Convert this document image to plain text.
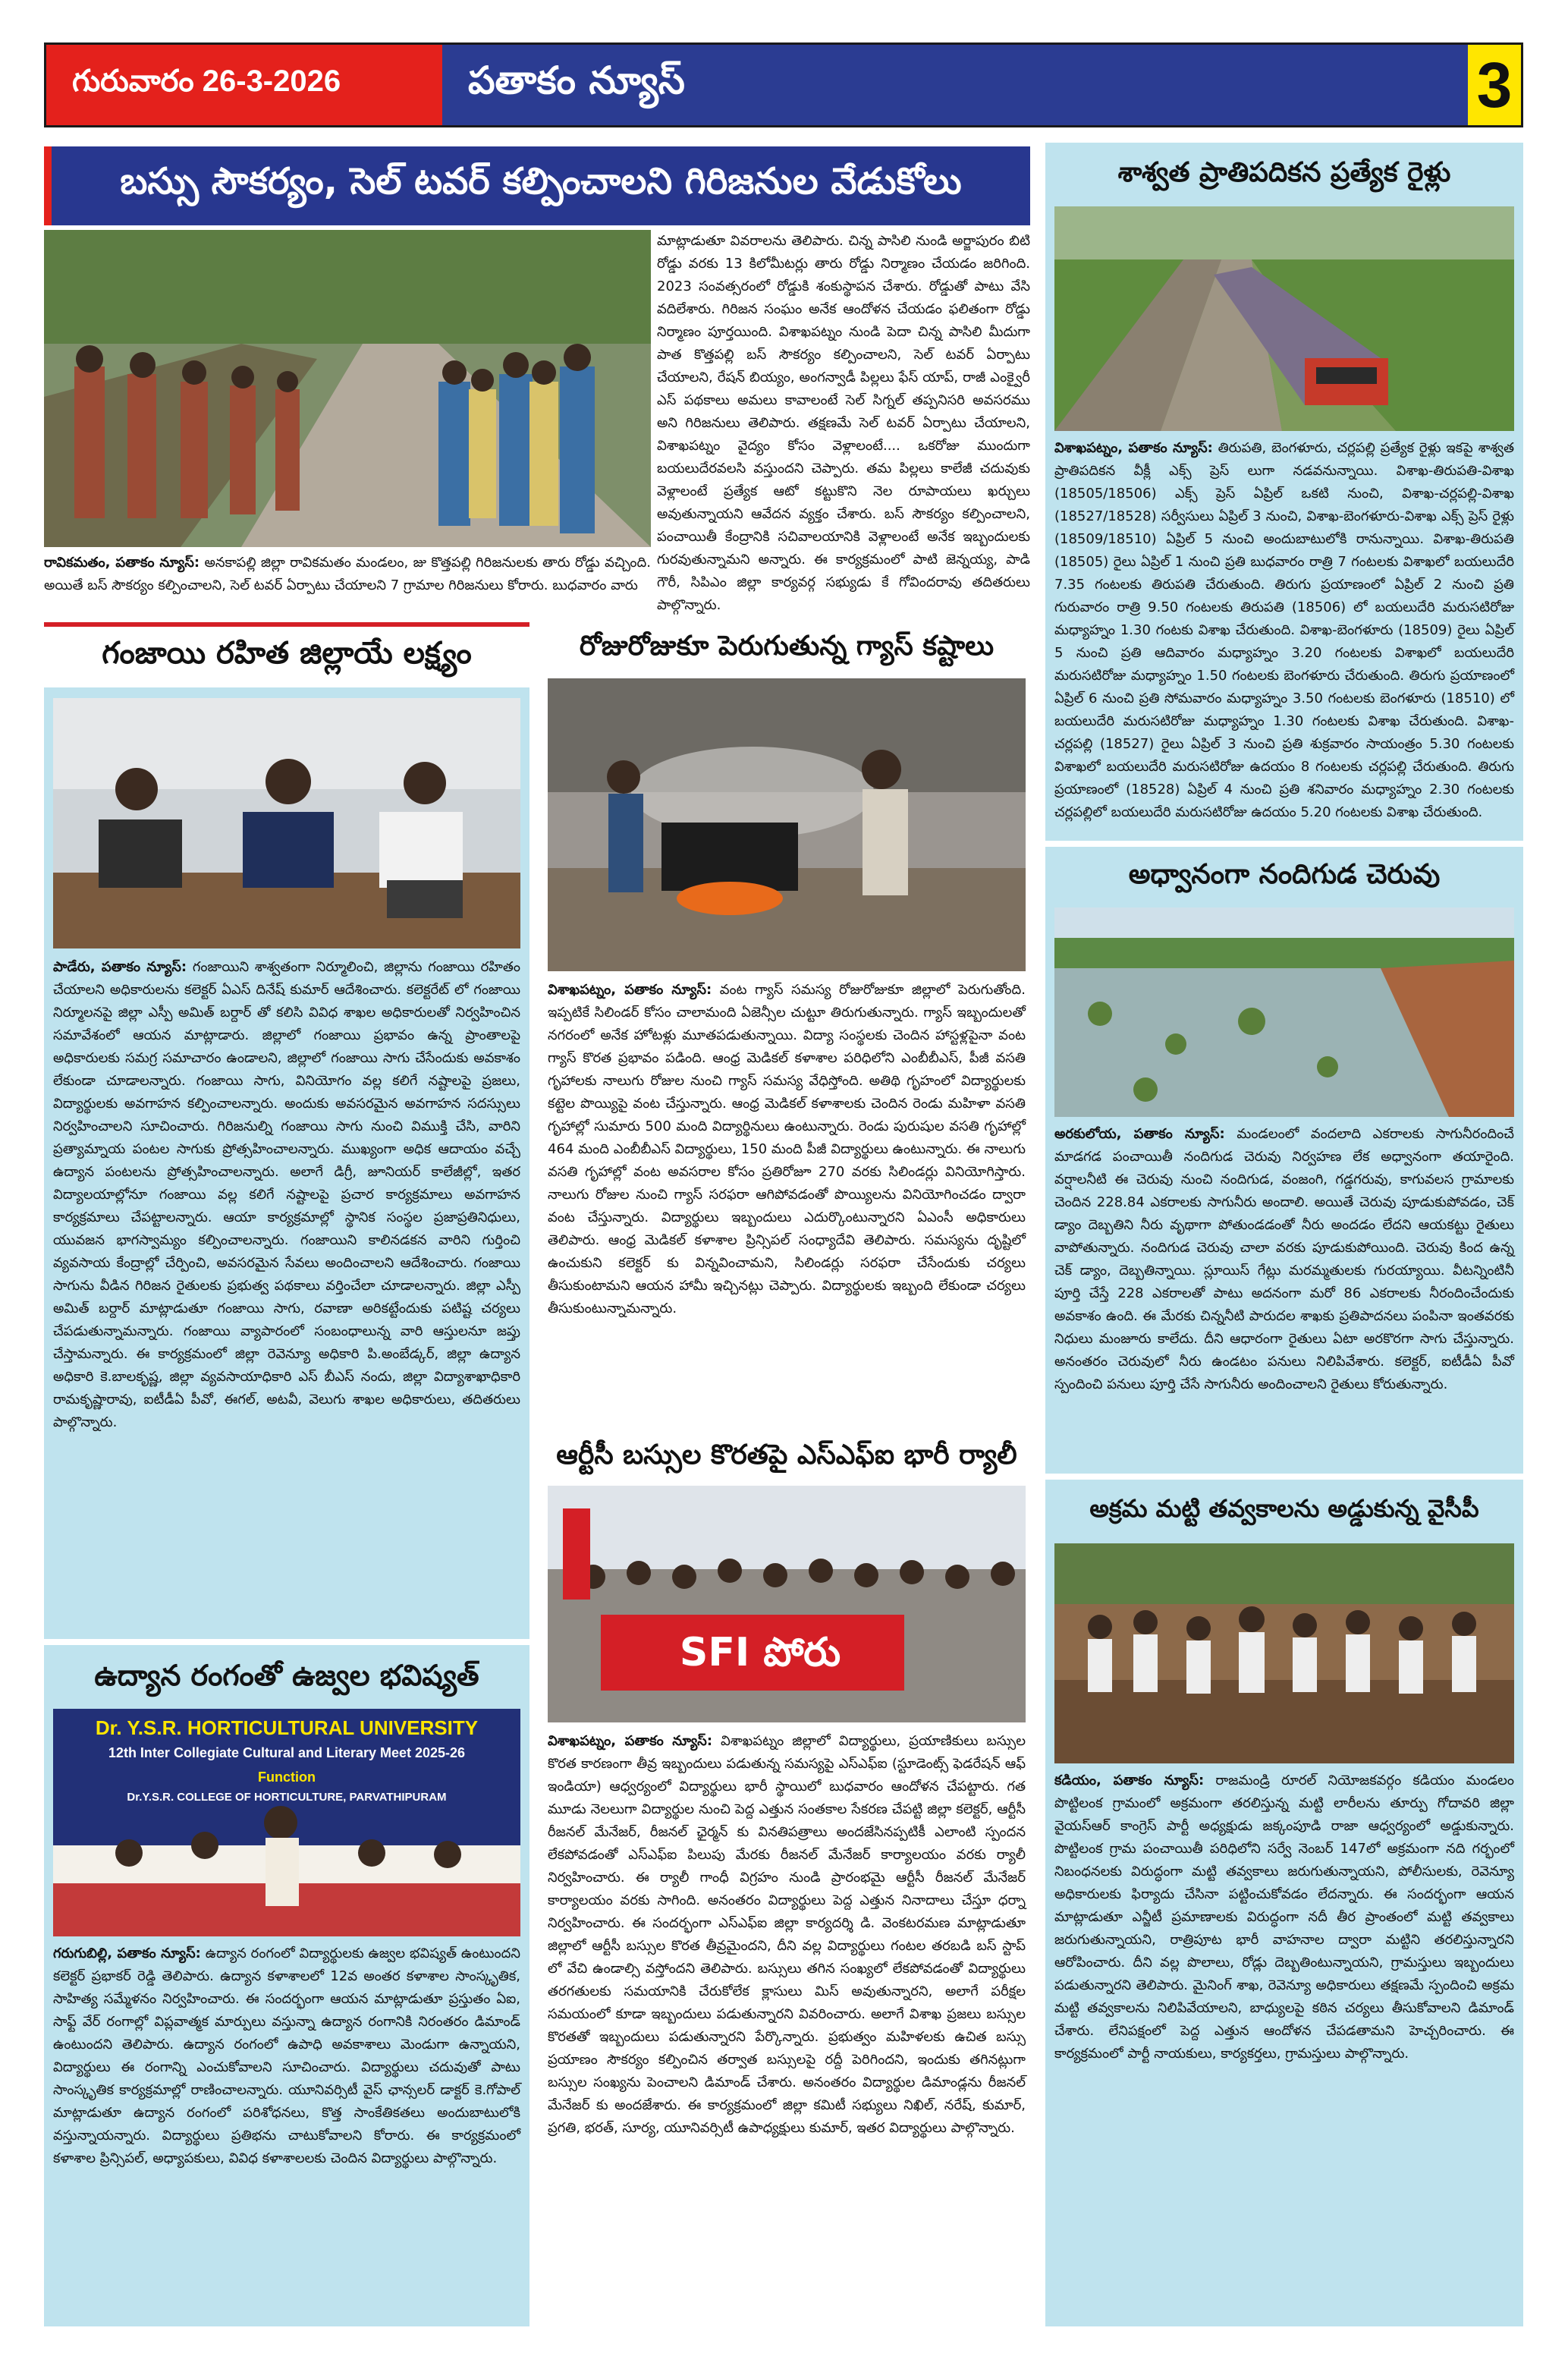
గురువారం 26-3-2026	పతాకం న్యూస్	3
బస్సు సౌకర్యం, సెల్ టవర్ కల్పించాలని గిరిజనుల వేడుకోలు
మాట్లాడుతూ వివరాలను తెలిపారు. చిన్న పాసిలి నుండి అర్జాపురం బిటి రోడ్డు వరకు 13 కిలోమీటర్లు తారు రోడ్డు నిర్మాణం చేయడం జరిగింది. 2023 సంవత్సరంలో రోడ్డుకి శంకుస్థాపన చేశారు. రోడ్డుతో పాటు వేసి వదిలేశారు. గిరిజన సంఘం అనేక ఆందోళన చేయడం ఫలితంగా రోడ్డు నిర్మాణం పూర్తయింది. విశాఖపట్నం నుండి పెదా చిన్న పాసిలి మీదుగా పాత కొత్తపల్లి బస్ సౌకర్యం కల్పించాలని, సెల్ టవర్ ఏర్పాటు చేయాలని, రేషన్ బియ్యం, అంగన్వాడీ పిల్లలు ఫేస్ యాప్, రాజీ ఎంక్వైరీ ఎస్ పథకాలు అమలు కావాలంటే సెల్ సిగ్నల్ తప్పనిసరి అవసరము అని గిరిజనులు తెలిపారు. తక్షణమే సెల్ టవర్ ఏర్పాటు చేయాలని, విశాఖపట్నం వైద్యం కోసం వెళ్లాలంటే.... ఒకరోజు ముందుగా బయలుదేరవలసి వస్తుందని చెప్పారు. తమ పిల్లలు కాలేజీ చదువుకు వెళ్లాలంటే ప్రత్యేక ఆటో కట్టుకొని నెల రూపాయలు ఖర్చులు అవుతున్నాయని ఆవేదన వ్యక్తం చేశారు. బస్ సౌకర్యం కల్పించాలని, పంచాయితీ కేంద్రానికి సచివాలయానికి వెళ్లాలంటే అనేక ఇబ్బందులకు గురవుతున్నామని అన్నారు. ఈ కార్యక్రమంలో పాటి జెన్నయ్య, పాడి గౌరీ, సిపిఎం జిల్లా కార్యవర్గ సభ్యుడు కే గోవిందరావు తదితరులు పాల్గొన్నారు.
రావికమతం, పతాకం న్యూస్: అనకాపల్లి జిల్లా రావికమతం మండలం, జు కొత్తపల్లి గిరిజనులకు తారు రోడ్డు వచ్చింది. అయితే బస్ సౌకర్యం కల్పించాలని, సెల్ టవర్ ఏర్పాటు చేయాలని 7 గ్రామాల గిరిజనులు కోరారు. బుధవారం వారు
గంజాయి రహిత జిల్లాయే లక్ష్యం
పాడేరు, పతాకం న్యూస్: గంజాయిని శాశ్వతంగా నిర్మూలించి, జిల్లాను గంజాయి రహితం చేయాలని అధికారులను కలెక్టర్ ఏఎస్ దినేష్ కుమార్ ఆదేశించారు. కలెక్టరేట్ లో గంజాయి నిర్మూలనపై జిల్లా ఎస్పీ అమిత్ బర్దార్ తో కలిసి వివిధ శాఖల అధికారులతో నిర్వహించిన సమావేశంలో ఆయన మాట్లాడారు. జిల్లాలో గంజాయి ప్రభావం ఉన్న ప్రాంతాలపై అధికారులకు సమగ్ర సమాచారం ఉండాలని, జిల్లాలో గంజాయి సాగు చేసేందుకు అవకాశం లేకుండా చూడాలన్నారు. గంజాయి సాగు, వినియోగం వల్ల కలిగే నష్టాలపై ప్రజలు, విద్యార్థులకు అవగాహన కల్పించాలన్నారు. అందుకు అవసరమైన అవగాహన సదస్సులు నిర్వహించాలని సూచించారు. గిరిజనుల్ని గంజాయి సాగు నుంచి విముక్తి చేసి, వారిని ప్రత్యామ్నాయ పంటల సాగుకు ప్రోత్సహించాలన్నారు. ముఖ్యంగా అధిక ఆదాయం వచ్చే ఉద్యాన పంటలను ప్రోత్సహించాలన్నారు. అలాగే డిగ్రీ, జూనియర్ కాలేజీల్లో, ఇతర విద్యాలయాల్లోనూ గంజాయి వల్ల కలిగే నష్టాలపై ప్రచార కార్యక్రమాలు అవగాహన కార్యక్రమాలు చేపట్టాలన్నారు. ఆయా కార్యక్రమాల్లో స్థానిక సంస్థల ప్రజాప్రతినిధులు, యువజన భాగస్వామ్యం కల్పించాలన్నారు. గంజాయిని కాలినడకన వారిని గుర్తించి వ్యవసాయ కేంద్రాల్లో చేర్పించి, అవసరమైన సేవలు అందించాలని ఆదేశించారు. గంజాయి సాగును వీడిన గిరిజన రైతులకు ప్రభుత్వ పథకాలు వర్తించేలా చూడాలన్నారు. జిల్లా ఎస్పీ అమిత్ బర్దార్ మాట్లాడుతూ గంజాయి సాగు, రవాణా అరికట్టేందుకు పటిష్ట చర్యలు చేపడుతున్నామన్నారు. గంజాయి వ్యాపారంలో సంబంధాలున్న వారి ఆస్తులనూ జప్తు చేస్తామన్నారు. ఈ కార్యక్రమంలో జిల్లా రెవెన్యూ అధికారి పి.అంబేడ్కర్, జిల్లా ఉద్యాన అధికారి కె.బాలకృష్ణ, జిల్లా వ్యవసాయాధికారి ఎస్ బీఎస్ నందు, జిల్లా విద్యాశాఖాధికారి రామకృష్ణారావు, ఐటీడీఏ పీవో, ఈగల్, అటవీ, వెలుగు శాఖల అధికారులు, తదితరులు పాల్గొన్నారు.
రోజురోజుకూ పెరుగుతున్న గ్యాస్ కష్టాలు
విశాఖపట్నం, పతాకం న్యూస్: వంట గ్యాస్ సమస్య రోజురోజుకూ జిల్లాలో పెరుగుతోంది. ఇప్పటికే సిలిండర్ కోసం చాలామంది ఏజెన్సీల చుట్టూ తిరుగుతున్నారు. గ్యాస్ ఇబ్బందులతో నగరంలో అనేక హోటళ్లు మూతపడుతున్నాయి. విద్యా సంస్థలకు చెందిన హాస్టళ్లపైనా వంట గ్యాస్ కొరత ప్రభావం పడింది. ఆంధ్ర మెడికల్ కళాశాల పరిధిలోని ఎంబీబీఎస్, పీజీ వసతి గృహాలకు నాలుగు రోజుల నుంచి గ్యాస్ సమస్య వేధిస్తోంది. అతిథి గృహంలో విద్యార్థులకు కట్టెల పొయ్యిపై వంట చేస్తున్నారు. ఆంధ్ర మెడికల్ కళాశాలకు చెందిన రెండు మహిళా వసతి గృహాల్లో సుమారు 500 మంది విద్యార్థినులు ఉంటున్నారు. రెండు పురుషుల వసతి గృహాల్లో 464 మంది ఎంబీబీఎస్ విద్యార్థులు, 150 మంది పీజీ విద్యార్థులు ఉంటున్నారు. ఈ నాలుగు వసతి గృహాల్లో వంట అవసరాల కోసం ప్రతిరోజూ 270 వరకు సిలిండర్లు వినియోగిస్తారు. నాలుగు రోజుల నుంచి గ్యాస్ సరఫరా ఆగిపోవడంతో పొయ్యిలను వినియోగించడం ద్వారా వంట చేస్తున్నారు. విద్యార్థులు ఇబ్బందులు ఎదుర్కొంటున్నారని ఏఎంసీ అధికారులు తెలిపారు. ఆంధ్ర మెడికల్ కళాశాల ప్రిన్సిపల్ సంధ్యాదేవి తెలిపారు. సమస్యను దృష్టిలో ఉంచుకుని కలెక్టర్ కు విన్నవించామని, సిలిండర్లు సరఫరా చేసేందుకు చర్యలు తీసుకుంటామని ఆయన హామీ ఇచ్చినట్లు చెప్పారు. విద్యార్థులకు ఇబ్బంది లేకుండా చర్యలు తీసుకుంటున్నామన్నారు.
ఆర్టీసీ బస్సుల కొరతపై ఎస్ఎఫ్ఐ భారీ ర్యాలీ
SFI పోరు
విశాఖపట్నం, పతాకం న్యూస్: విశాఖపట్నం జిల్లాలో విద్యార్థులు, ప్రయాణికులు బస్సుల కొరత కారణంగా తీవ్ర ఇబ్బందులు పడుతున్న సమస్యపై ఎస్ఎఫ్ఐ (స్టూడెంట్స్ ఫెడరేషన్ ఆఫ్ ఇండియా) ఆధ్వర్యంలో విద్యార్థులు భారీ స్థాయిలో బుధవారం ఆందోళన చేపట్టారు. గత మూడు నెలలుగా విద్యార్థుల నుంచి పెద్ద ఎత్తున సంతకాల సేకరణ చేపట్టి జిల్లా కలెక్టర్, ఆర్టీసీ రీజనల్ మేనేజర్, రీజనల్ ఛైర్మన్ కు వినతిపత్రాలు అందజేసినప్పటికీ ఎలాంటి స్పందన లేకపోవడంతో ఎస్ఎఫ్ఐ పిలుపు మేరకు రీజనల్ మేనేజర్ కార్యాలయం వరకు ర్యాలీ నిర్వహించారు. ఈ ర్యాలీ గాంధీ విగ్రహం నుండి ప్రారంభమై ఆర్టీసీ రీజనల్ మేనేజర్ కార్యాలయం వరకు సాగింది. అనంతరం విద్యార్థులు పెద్ద ఎత్తున నినాదాలు చేస్తూ ధర్నా నిర్వహించారు. ఈ సందర్భంగా ఎస్ఎఫ్ఐ జిల్లా కార్యదర్శి డి. వెంకటరమణ మాట్లాడుతూ జిల్లాలో ఆర్టీసీ బస్సుల కొరత తీవ్రమైందని, దీని వల్ల విద్యార్థులు గంటల తరబడి బస్ స్టాప్ లో వేచి ఉండాల్సి వస్తోందని తెలిపారు. బస్సులు తగిన సంఖ్యలో లేకపోవడంతో విద్యార్థులు తరగతులకు సమయానికి చేరుకోలేక క్లాసులు మిస్ అవుతున్నారని, అలాగే పరీక్షల సమయంలో కూడా ఇబ్బందులు పడుతున్నారని వివరించారు. అలాగే విశాఖ ప్రజలు బస్సుల కొరతతో ఇబ్బందులు పడుతున్నారని పేర్కొన్నారు. ప్రభుత్వం మహిళలకు ఉచిత బస్సు ప్రయాణం సౌకర్యం కల్పించిన తర్వాత బస్సులపై రద్దీ పెరిగిందని, ఇందుకు తగినట్లుగా బస్సుల సంఖ్యను పెంచాలని డిమాండ్ చేశారు. అనంతరం విద్యార్థుల డిమాండ్లను రీజనల్ మేనేజర్ కు అందజేశారు. ఈ కార్యక్రమంలో జిల్లా కమిటీ సభ్యులు నిఖిల్, నరేష్, కుమార్, ప్రగతి, భరత్, సూర్య, యూనివర్సిటీ ఉపాధ్యక్షులు కుమార్, ఇతర విద్యార్థులు పాల్గొన్నారు.
ఉద్యాన రంగంతో ఉజ్వల భవిష్యత్
Dr. Y.S.R. HORTICULTURAL UNIVERSITY
12th Inter Collegiate Cultural and Literary Meet 2025-26
Function
Dr.Y.S.R. COLLEGE OF HORTICULTURE, PARVATHIPURAM
గరుగుబిల్లి, పతాకం న్యూస్: ఉద్యాన రంగంలో విద్యార్థులకు ఉజ్వల భవిష్యత్ ఉంటుందని కలెక్టర్ ప్రభాకర్ రెడ్డి తెలిపారు. ఉద్యాన కళాశాలలో 12వ అంతర కళాశాల సాంస్కృతిక, సాహిత్య సమ్మేళనం నిర్వహించారు. ఈ సందర్భంగా ఆయన మాట్లాడుతూ ప్రస్తుతం ఏఐ, సాఫ్ట్ వేర్ రంగాల్లో విప్లవాత్మక మార్పులు వస్తున్నా ఉద్యాన రంగానికి నిరంతరం డిమాండ్ ఉంటుందని తెలిపారు. ఉద్యాన రంగంలో ఉపాధి అవకాశాలు మెండుగా ఉన్నాయని, విద్యార్థులు ఈ రంగాన్ని ఎంచుకోవాలని సూచించారు. విద్యార్థులు చదువుతో పాటు సాంస్కృతిక కార్యక్రమాల్లో రాణించాలన్నారు. యూనివర్సిటీ వైస్ ఛాన్సలర్ డాక్టర్ కె.గోపాల్ మాట్లాడుతూ ఉద్యాన రంగంలో పరిశోధనలు, కొత్త సాంకేతికతలు అందుబాటులోకి వస్తున్నాయన్నారు. విద్యార్థులు ప్రతిభను చాటుకోవాలని కోరారు. ఈ కార్యక్రమంలో కళాశాల ప్రిన్సిపల్, అధ్యాపకులు, వివిధ కళాశాలలకు చెందిన విద్యార్థులు పాల్గొన్నారు.
శాశ్వత ప్రాతిపదికన ప్రత్యేక రైళ్లు
విశాఖపట్నం, పతాకం న్యూస్: తిరుపతి, బెంగళూరు, చర్లపల్లి ప్రత్యేక రైళ్లు ఇకపై శాశ్వత ప్రాతిపదికన వీక్లీ ఎక్స్ ప్రెస్ లుగా నడవనున్నాయి. విశాఖ-తిరుపతి-విశాఖ (18505/18506) ఎక్స్ ప్రెస్ ఏప్రిల్ ఒకటి నుంచి, విశాఖ-చర్లపల్లి-విశాఖ (18527/18528) సర్వీసులు ఏప్రిల్ 3 నుంచి, విశాఖ-బెంగళూరు-విశాఖ ఎక్స్ ప్రెస్ రైళ్లు (18509/18510) ఏప్రిల్ 5 నుంచి అందుబాటులోకి రానున్నాయి. విశాఖ-తిరుపతి (18505) రైలు ఏప్రిల్ 1 నుంచి ప్రతి బుధవారం రాత్రి 7 గంటలకు విశాఖలో బయలుదేరి 7.35 గంటలకు తిరుపతి చేరుతుంది. తిరుగు ప్రయాణంలో ఏప్రిల్ 2 నుంచి ప్రతి గురువారం రాత్రి 9.50 గంటలకు తిరుపతి (18506) లో బయలుదేరి మరుసటిరోజు మధ్యాహ్నం 1.30 గంటకు విశాఖ చేరుతుంది. విశాఖ-బెంగళూరు (18509) రైలు ఏప్రిల్ 5 నుంచి ప్రతి ఆదివారం మధ్యాహ్నం 3.20 గంటలకు విశాఖలో బయలుదేరి మరుసటిరోజు మధ్యాహ్నం 1.50 గంటలకు బెంగళూరు చేరుతుంది. తిరుగు ప్రయాణంలో ఏప్రిల్ 6 నుంచి ప్రతి సోమవారం మధ్యాహ్నం 3.50 గంటలకు బెంగళూరు (18510) లో బయలుదేరి మరుసటిరోజు మధ్యాహ్నం 1.30 గంటలకు విశాఖ చేరుతుంది. విశాఖ-చర్లపల్లి (18527) రైలు ఏప్రిల్ 3 నుంచి ప్రతి శుక్రవారం సాయంత్రం 5.30 గంటలకు విశాఖలో బయలుదేరి మరుసటిరోజు ఉదయం 8 గంటలకు చర్లపల్లి చేరుతుంది. తిరుగు ప్రయాణంలో (18528) ఏప్రిల్ 4 నుంచి ప్రతి శనివారం మధ్యాహ్నం 2.30 గంటలకు చర్లపల్లిలో బయలుదేరి మరుసటిరోజు ఉదయం 5.20 గంటలకు విశాఖ చేరుతుంది.
అధ్వానంగా నందిగుడ చెరువు
అరకులోయ, పతాకం న్యూస్: మండలంలో వందలాది ఎకరాలకు సాగునీరందించే మాడగడ పంచాయితీ నందిగుడ చెరువు నిర్వహణ లేక అధ్వానంగా తయారైంది. వర్షాలనీటి ఈ చెరువు నుంచి నందిగుడ, వంజంగి, గడ్డగరువు, కాగువలస గ్రామాలకు చెందిన 228.84 ఎకరాలకు సాగునీరు అందాలి. అయితే చెరువు పూడుకుపోవడం, చెక్ డ్యాం దెబ్బతిని నీరు వృథాగా పోతుండడంతో నీరు అందడం లేదని ఆయకట్టు రైతులు వాపోతున్నారు. నందిగుడ చెరువు చాలా వరకు పూడుకుపోయింది. చెరువు కింద ఉన్న చెక్ డ్యాం, దెబ్బతిన్నాయి. స్లూయిస్ గేట్లు మరమ్మతులకు గురయ్యాయి. వీటన్నింటినీ పూర్తి చేస్తే 228 ఎకరాలతో పాటు అదనంగా మరో 86 ఎకరాలకు నీరందించేందుకు అవకాశం ఉంది. ఈ మేరకు చిన్ననీటి పారుదల శాఖకు ప్రతిపాదనలు పంపినా ఇంతవరకు నిధులు మంజూరు కాలేదు. దీని ఆధారంగా రైతులు ఏటా అరకొరగా సాగు చేస్తున్నారు. అనంతరం చెరువులో నీరు ఉండటం పనులు నిలిపివేశారు. కలెక్టర్, ఐటీడీఏ పీవో స్పందించి పనులు పూర్తి చేసే సాగునీరు అందించాలని రైతులు కోరుతున్నారు.
అక్రమ మట్టి తవ్వకాలను అడ్డుకున్న వైసీపీ
కడియం, పతాకం న్యూస్: రాజమండ్రి రూరల్ నియోజకవర్గం కడియం మండలం పొట్టిలంక గ్రామంలో అక్రమంగా తరలిస్తున్న మట్టి లారీలను తూర్పు గోదావరి జిల్లా వైయస్ఆర్ కాంగ్రెస్ పార్టీ అధ్యక్షుడు జక్కంపూడి రాజా ఆధ్వర్యంలో అడ్డుకున్నారు. పొట్టిలంక గ్రామ పంచాయితీ పరిధిలోని సర్వే నెంబర్ 147లో అక్రమంగా నది గర్భంలో నిబంధనలకు విరుద్ధంగా మట్టి తవ్వకాలు జరుగుతున్నాయని, పోలీసులకు, రెవెన్యూ అధికారులకు ఫిర్యాదు చేసినా పట్టించుకోవడం లేదన్నారు. ఈ సందర్భంగా ఆయన మాట్లాడుతూ ఎన్జీటీ ప్రమాణాలకు విరుద్ధంగా నదీ తీర ప్రాంతంలో మట్టి తవ్వకాలు జరుగుతున్నాయని, రాత్రిపూట భారీ వాహనాల ద్వారా మట్టిని తరలిస్తున్నారని ఆరోపించారు. దీని వల్ల పొలాలు, రోడ్లు దెబ్బతింటున్నాయని, గ్రామస్తులు ఇబ్బందులు పడుతున్నారని తెలిపారు. మైనింగ్ శాఖ, రెవెన్యూ అధికారులు తక్షణమే స్పందించి అక్రమ మట్టి తవ్వకాలను నిలిపివేయాలని, బాధ్యులపై కఠిన చర్యలు తీసుకోవాలని డిమాండ్ చేశారు. లేనిపక్షంలో పెద్ద ఎత్తున ఆందోళన చేపడతామని హెచ్చరించారు. ఈ కార్యక్రమంలో పార్టీ నాయకులు, కార్యకర్తలు, గ్రామస్తులు పాల్గొన్నారు.
